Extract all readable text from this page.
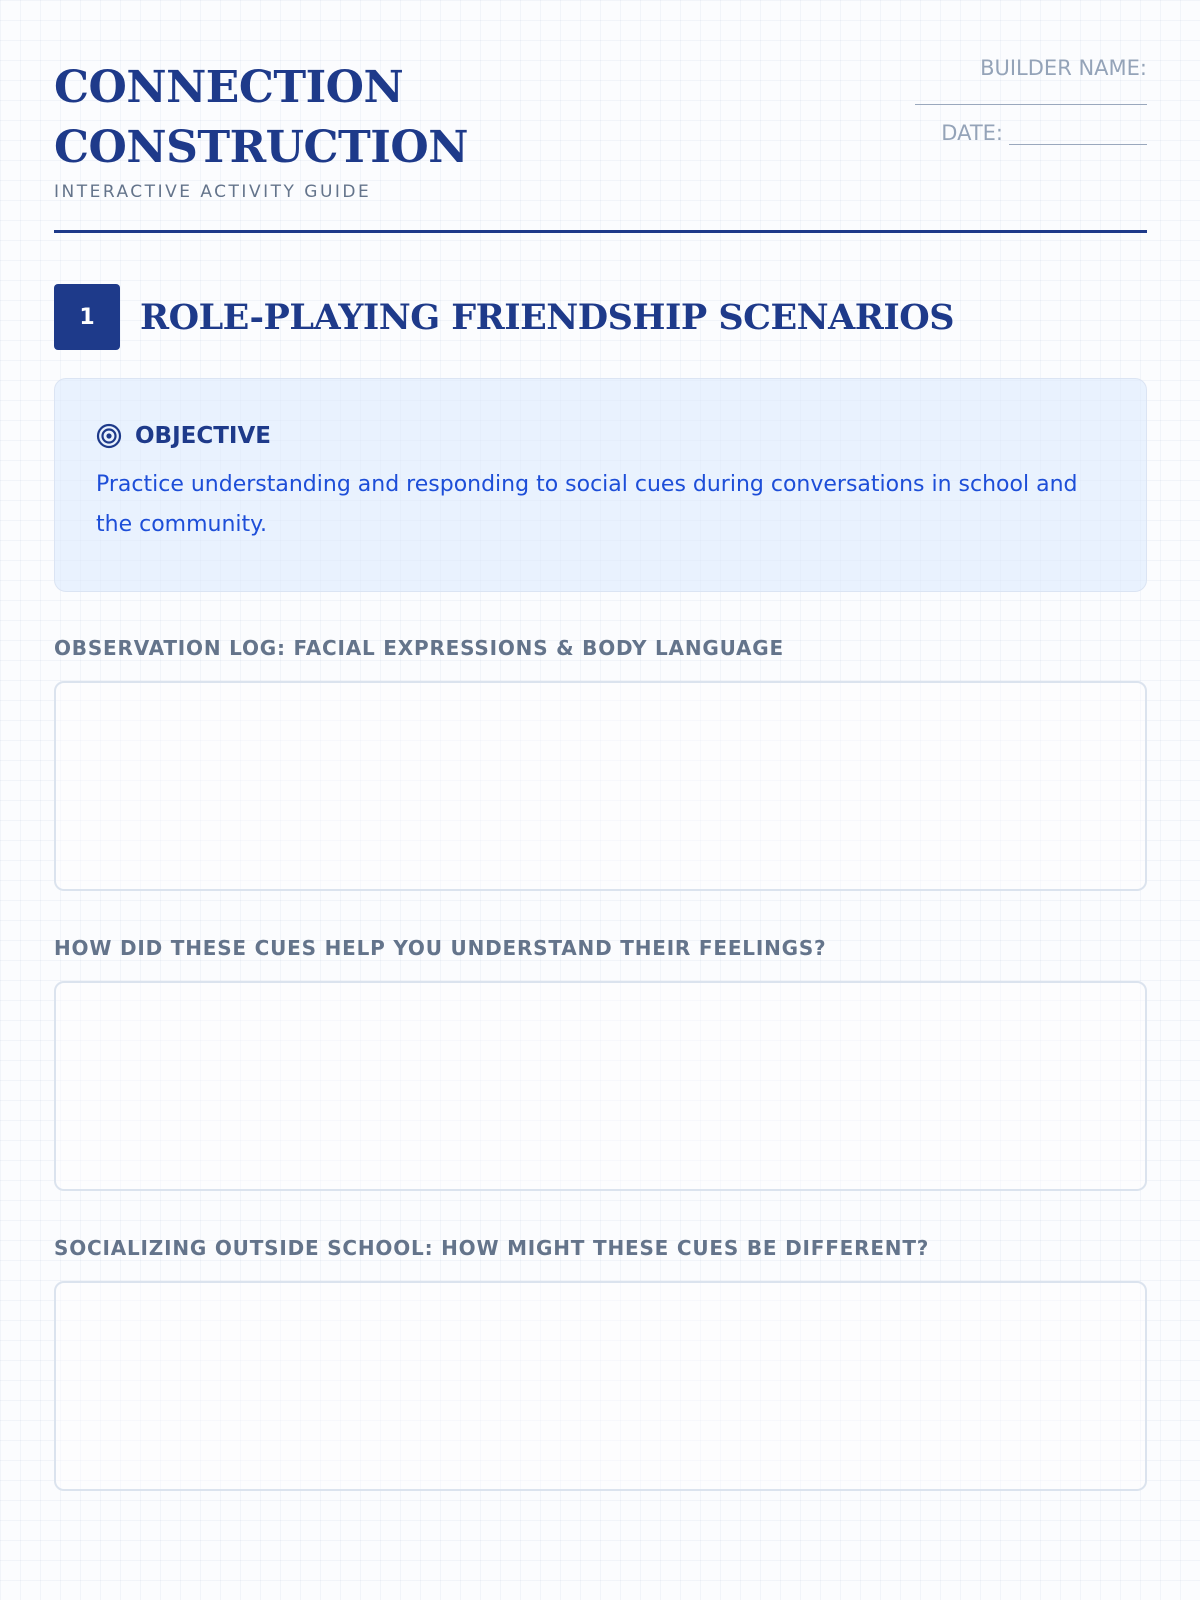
CONNECTION
CONSTRUCTION
INTERACTIVE ACTIVITY GUIDE
BUILDER NAME:
DATE:
1	ROLE-PLAYING FRIENDSHIP SCENARIOS
OBJECTIVE
Practice understanding and responding to social cues during conversations in school and the community.
OBSERVATION LOG: FACIAL EXPRESSIONS & BODY LANGUAGE
HOW DID THESE CUES HELP YOU UNDERSTAND THEIR FEELINGS?
SOCIALIZING OUTSIDE SCHOOL: HOW MIGHT THESE CUES BE DIFFERENT?
